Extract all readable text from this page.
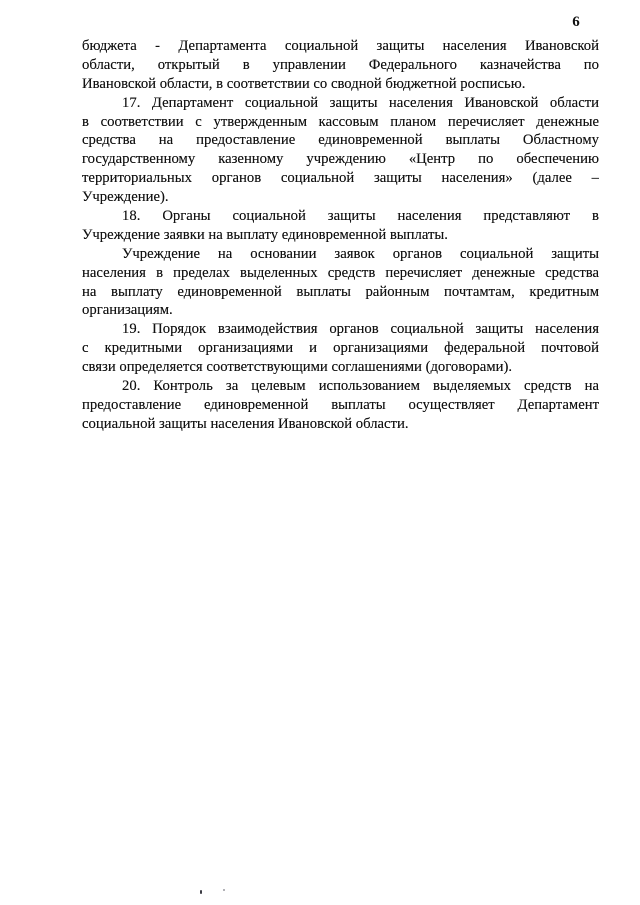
6
бюджета - Департамента социальной защиты населения Ивановской
области, открытый в управлении Федерального казначейства по
Ивановской области, в соответствии со сводной бюджетной росписью.
17. Департамент социальной защиты населения Ивановской области
в соответствии с утвержденным кассовым планом перечисляет денежные
средства на предоставление единовременной выплаты Областному
государственному казенному учреждению «Центр по обеспечению
территориальных органов социальной защиты населения» (далее –
Учреждение).
18. Органы социальной защиты населения представляют в
Учреждение заявки на выплату единовременной выплаты.
Учреждение на основании заявок органов социальной защиты
населения в пределах выделенных средств перечисляет денежные средства
на выплату единовременной выплаты районным почтамтам, кредитным
организациям.
19. Порядок взаимодействия органов социальной защиты населения
с кредитными организациями и организациями федеральной почтовой
связи определяется соответствующими соглашениями (договорами).
20. Контроль за целевым использованием выделяемых средств на
предоставление единовременной выплаты осуществляет Департамент
социальной защиты населения Ивановской области.
